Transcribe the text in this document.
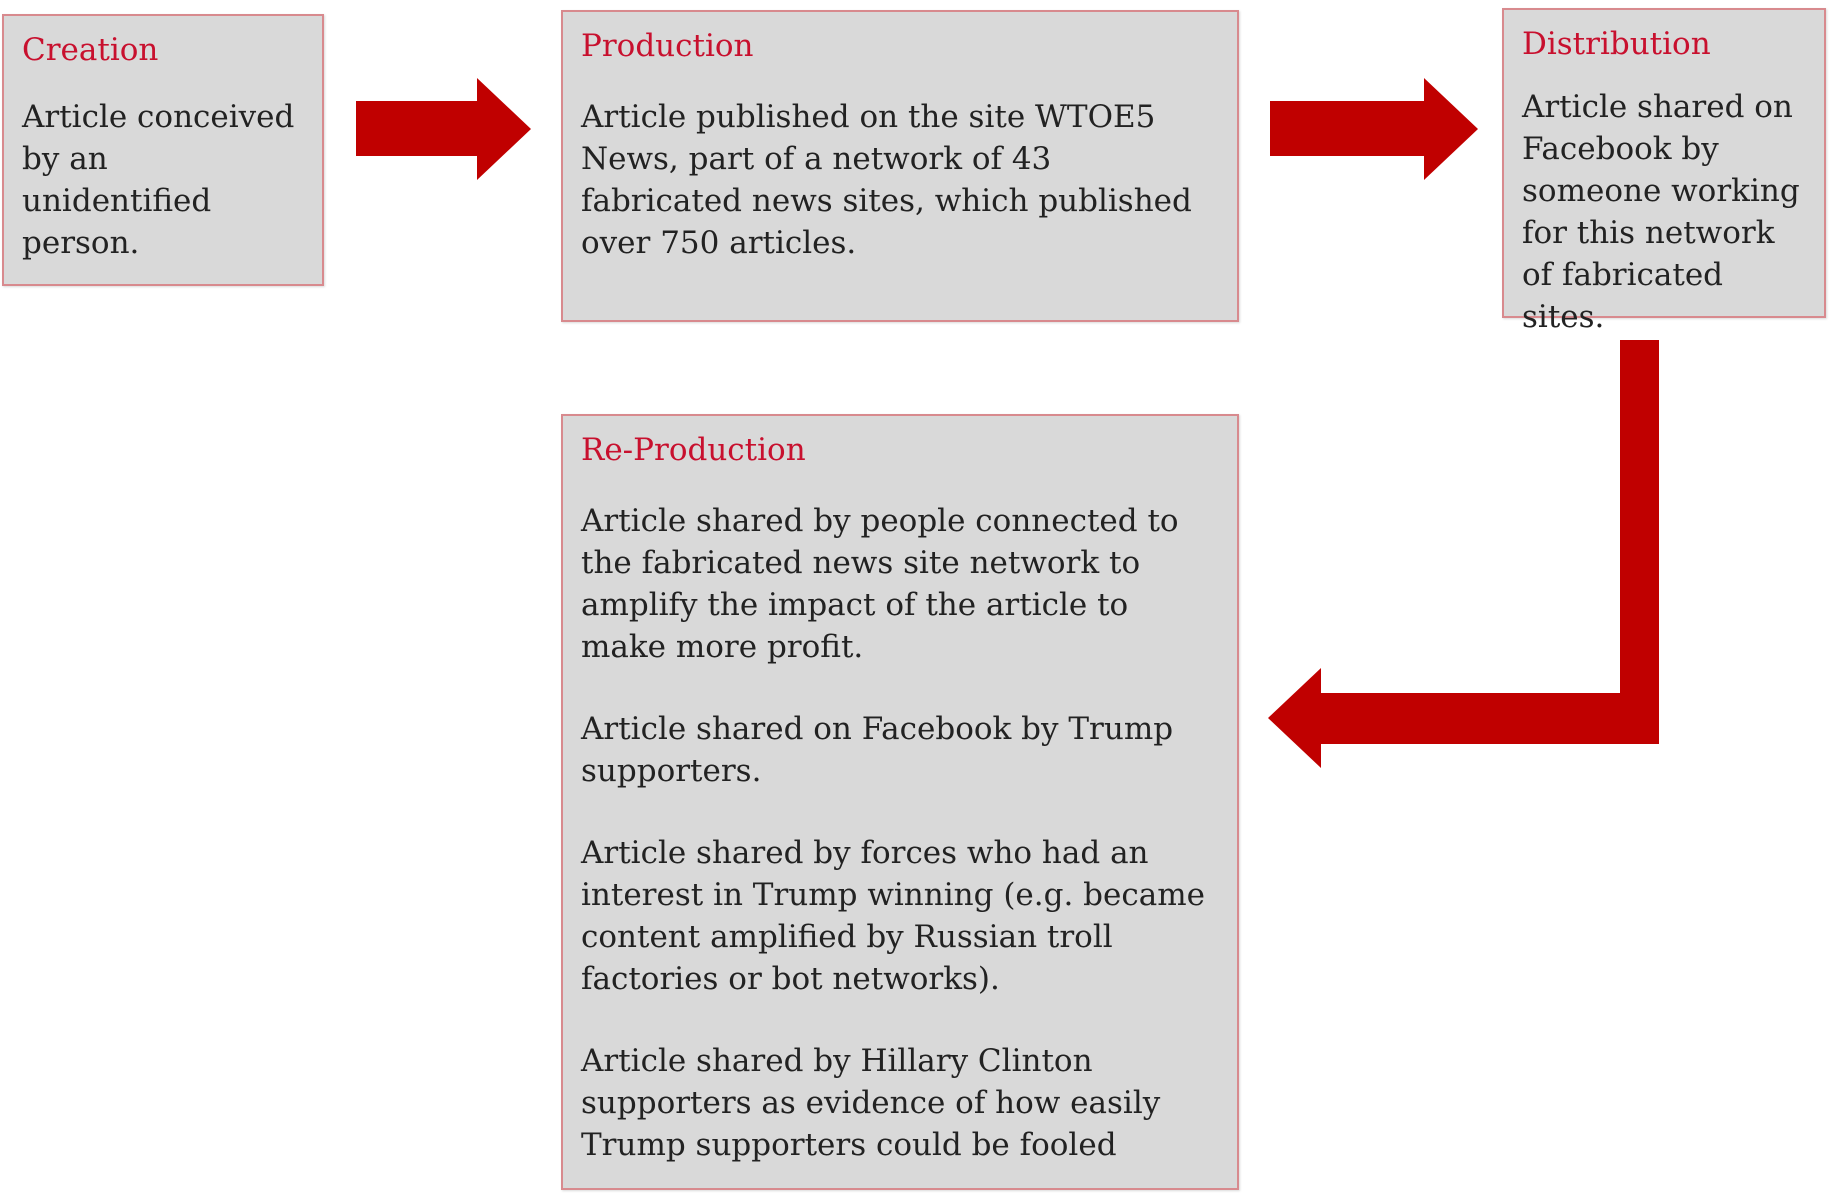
Creation
Article conceived by an unidentified person.
Production
Article published on the site WTOE5 News, part of a network of 43 fabricated news sites, which published over 750 articles.
Distribution
Article shared on Facebook by someone working for this network of fabricated sites.
Re-Production
Article shared by people connected to the fabricated news site network to amplify the impact of the article to make more profit.
Article shared on Facebook by Trump supporters.
Article shared by forces who had an interest in Trump winning (e.g. became content amplified by Russian troll factories or bot networks).
Article shared by Hillary Clinton supporters as evidence of how easily Trump supporters could be fooled
